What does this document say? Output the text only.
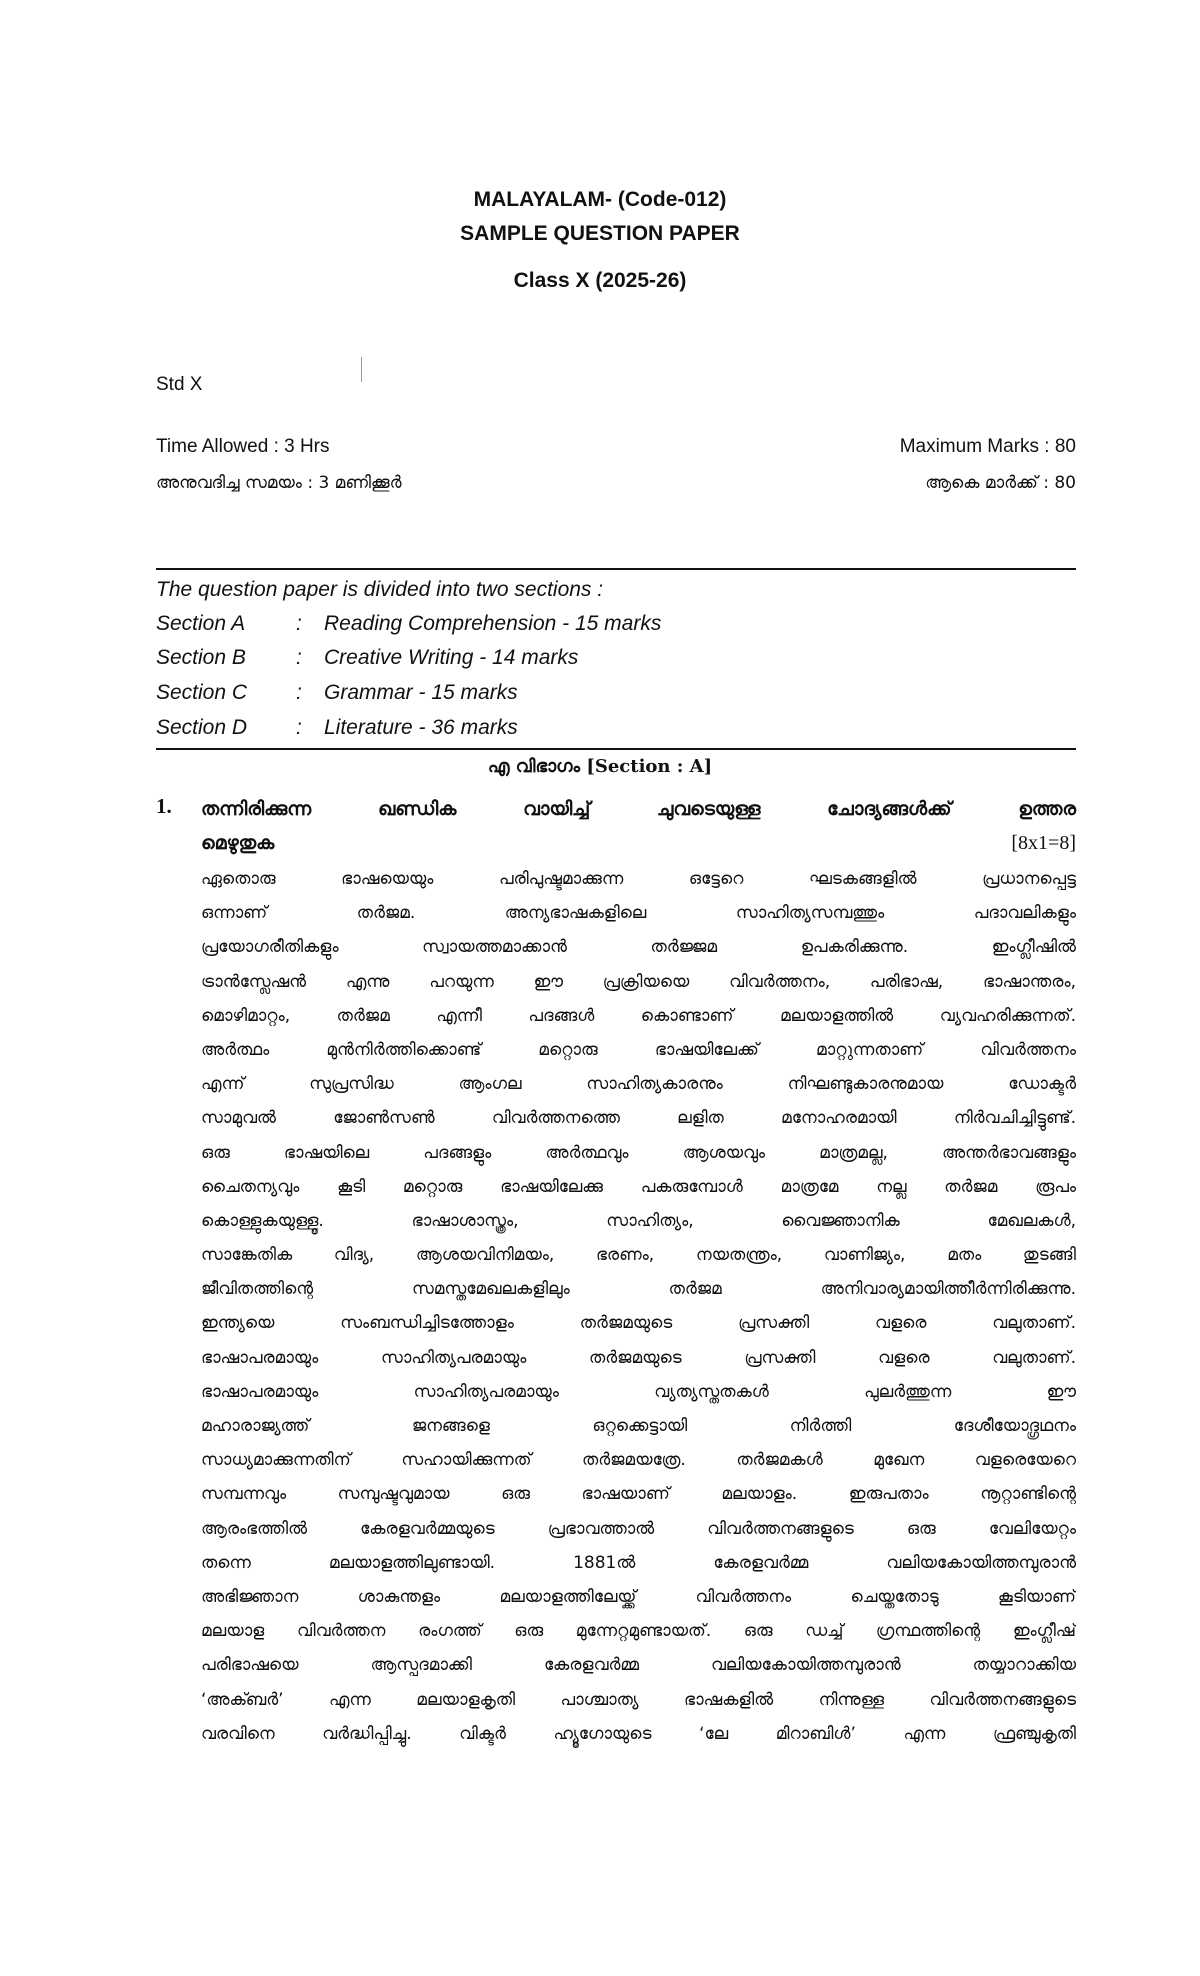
MALAYALAM- (Code-012)
SAMPLE QUESTION PAPER
Class X (2025-26)
Std X
Time Allowed : 3 Hrs	Maximum Marks : 80
അനുവദിച്ച സമയം : 3 മണിക്കൂർ	ആകെ മാർക്ക് : 80
The question paper is divided into two sections :
Section A : Reading Comprehension - 15 marks
Section B : Creative Writing - 14 marks
Section C : Grammar - 15 marks
Section D : Literature - 36 marks
എ വിഭാഗം [Section : A]
1. തന്നിരിക്കുന്ന ഖണ്ഡിക വായിച്ച് ചുവടെയുള്ള ചോദ്യങ്ങൾക്ക് ഉത്തര
മെഴുതുക	[8x1=8]
ഏതൊരു ഭാഷയെയും പരിപുഷ്ടമാക്കുന്ന ഒട്ടേറെ ഘടകങ്ങളിൽ പ്രധാനപ്പെട്ട
ഒന്നാണ് തർജമ. അന്യഭാഷകളിലെ സാഹിത്യസമ്പത്തും പദാവലികളും
പ്രയോഗരീതികളും സ്വായത്തമാക്കാൻ തർജ്ജമ ഉപകരിക്കുന്നു. ഇംഗ്ലീഷിൽ
ട്രാൻസ്ലേഷൻ എന്നു പറയുന്ന ഈ പ്രക്രിയയെ വിവർത്തനം, പരിഭാഷ, ഭാഷാന്തരം,
മൊഴിമാറ്റം, തർജമ എന്നീ പദങ്ങൾ കൊണ്ടാണ് മലയാളത്തിൽ വ്യവഹരിക്കുന്നത്.
അർത്ഥം മുൻനിർത്തിക്കൊണ്ട് മറ്റൊരു ഭാഷയിലേക്ക് മാറ്റുന്നതാണ് വിവർത്തനം
എന്ന് സുപ്രസിദ്ധ ആംഗല സാഹിത്യകാരനും നിഘണ്ടുകാരനുമായ ഡോക്ടർ
സാമുവൽ ജോൺസൺ വിവർത്തനത്തെ ലളിത മനോഹരമായി നിർവചിച്ചിട്ടുണ്ട്.
ഒരു ഭാഷയിലെ പദങ്ങളും അർത്ഥവും ആശയവും മാത്രമല്ല, അന്തർഭാവങ്ങളും
ചൈതന്യവും കൂടി മറ്റൊരു ഭാഷയിലേക്കു പകരുമ്പോൾ മാത്രമേ നല്ല തർജമ രൂപം
കൊള്ളുകയുള്ളൂ. ഭാഷാശാസ്ത്രം, സാഹിത്യം, വൈജ്ഞാനിക മേഖലകൾ,
സാങ്കേതിക വിദ്യ, ആശയവിനിമയം, ഭരണം, നയതന്ത്രം, വാണിജ്യം, മതം തുടങ്ങി
ജീവിതത്തിന്റെ സമസ്തമേഖലകളിലും തർജമ അനിവാര്യമായിത്തീർന്നിരിക്കുന്നു.
ഇന്ത്യയെ സംബന്ധിച്ചിടത്തോളം തർജമയുടെ പ്രസക്തി വളരെ വലുതാണ്.
ഭാഷാപരമായും സാഹിത്യപരമായും തർജമയുടെ പ്രസക്തി വളരെ വലുതാണ്.
ഭാഷാപരമായും സാഹിത്യപരമായും വ്യത്യസ്തതകൾ പുലർത്തുന്ന ഈ
മഹാരാജ്യത്ത് ജനങ്ങളെ ഒറ്റക്കെട്ടായി നിർത്തി ദേശീയോദ്ഗ്രഥനം
സാധ്യമാക്കുന്നതിന് സഹായിക്കുന്നത് തർജമയത്രേ. തർജമകൾ മുഖേന വളരെയേറെ
സമ്പന്നവും സമ്പുഷ്ടവുമായ ഒരു ഭാഷയാണ് മലയാളം. ഇരുപതാം നൂറ്റാണ്ടിന്റെ
ആരംഭത്തിൽ കേരളവർമ്മയുടെ പ്രഭാവത്താൽ വിവർത്തനങ്ങളുടെ ഒരു വേലിയേറ്റം
തന്നെ മലയാളത്തിലുണ്ടായി. 1881ൽ കേരളവർമ്മ വലിയകോയിത്തമ്പുരാൻ
അഭിജ്ഞാന ശാകുന്തളം മലയാളത്തിലേയ്ക്ക് വിവർത്തനം ചെയ്തതോടു കൂടിയാണ്
മലയാള വിവർത്തന രംഗത്ത് ഒരു മുന്നേറ്റമുണ്ടായത്. ഒരു ഡച്ച് ഗ്രന്ഥത്തിന്റെ ഇംഗ്ലീഷ്
പരിഭാഷയെ ആസ്പദമാക്കി കേരളവർമ്മ വലിയകോയിത്തമ്പുരാൻ തയ്യാറാക്കിയ
‘അക്ബർ’ എന്ന മലയാളകൃതി പാശ്ചാത്യ ഭാഷകളിൽ നിന്നുള്ള വിവർത്തനങ്ങളുടെ
വരവിനെ വർദ്ധിപ്പിച്ചു. വിക്ടർ ഹ്യൂഗോയുടെ ‘ലേ മിറാബിൾ’ എന്ന ഫ്രഞ്ചുകൃതി
